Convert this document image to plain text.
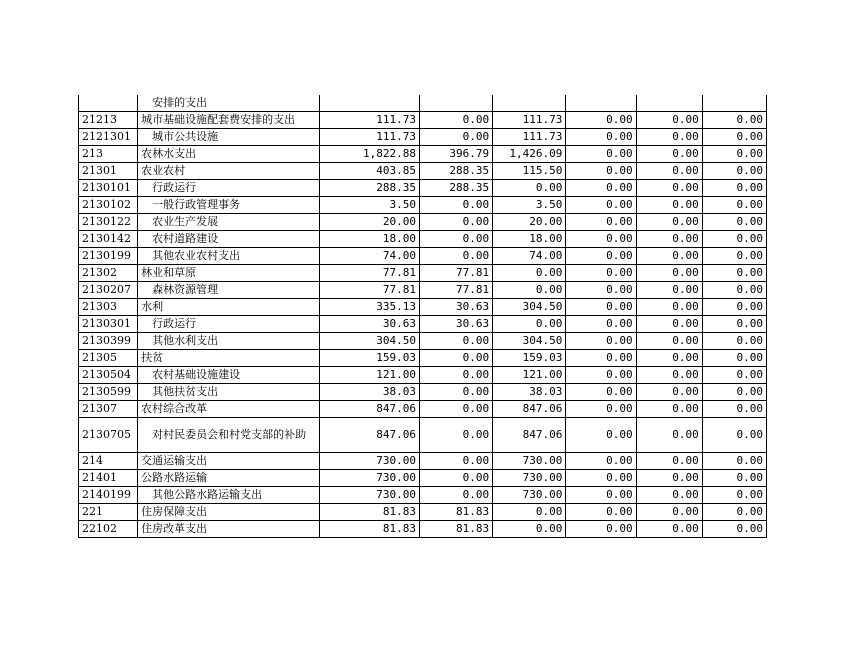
	安排的支出						
21213	城市基础设施配套费安排的支出	111.73	0.00	111.73	0.00	0.00	0.00
2121301	城市公共设施	111.73	0.00	111.73	0.00	0.00	0.00
213	农林水支出	1,822.88	396.79	1,426.09	0.00	0.00	0.00
21301	农业农村	403.85	288.35	115.50	0.00	0.00	0.00
2130101	行政运行	288.35	288.35	0.00	0.00	0.00	0.00
2130102	一般行政管理事务	3.50	0.00	3.50	0.00	0.00	0.00
2130122	农业生产发展	20.00	0.00	20.00	0.00	0.00	0.00
2130142	农村道路建设	18.00	0.00	18.00	0.00	0.00	0.00
2130199	其他农业农村支出	74.00	0.00	74.00	0.00	0.00	0.00
21302	林业和草原	77.81	77.81	0.00	0.00	0.00	0.00
2130207	森林资源管理	77.81	77.81	0.00	0.00	0.00	0.00
21303	水利	335.13	30.63	304.50	0.00	0.00	0.00
2130301	行政运行	30.63	30.63	0.00	0.00	0.00	0.00
2130399	其他水利支出	304.50	0.00	304.50	0.00	0.00	0.00
21305	扶贫	159.03	0.00	159.03	0.00	0.00	0.00
2130504	农村基础设施建设	121.00	0.00	121.00	0.00	0.00	0.00
2130599	其他扶贫支出	38.03	0.00	38.03	0.00	0.00	0.00
21307	农村综合改革	847.06	0.00	847.06	0.00	0.00	0.00
2130705	对村民委员会和村党支部的补助	847.06	0.00	847.06	0.00	0.00	0.00
214	交通运输支出	730.00	0.00	730.00	0.00	0.00	0.00
21401	公路水路运输	730.00	0.00	730.00	0.00	0.00	0.00
2140199	其他公路水路运输支出	730.00	0.00	730.00	0.00	0.00	0.00
221	住房保障支出	81.83	81.83	0.00	0.00	0.00	0.00
22102	住房改革支出	81.83	81.83	0.00	0.00	0.00	0.00
